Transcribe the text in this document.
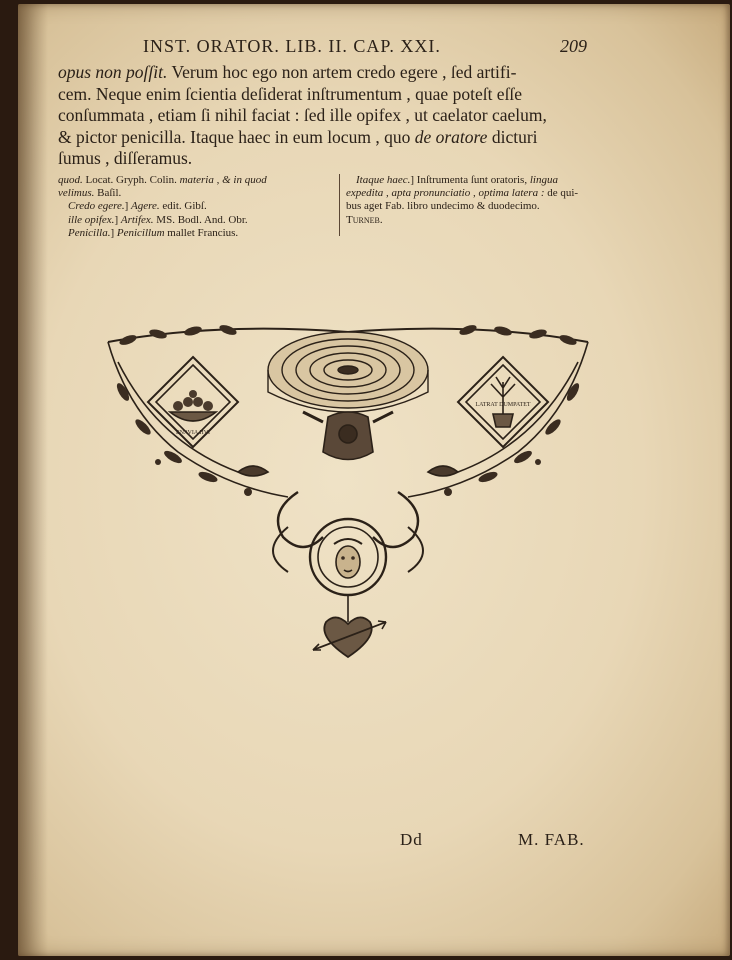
INST. ORATOR. LIB. II. CAP. XXI.	209

opus non poſſit. Verum hoc ego non artem credo egere , ſed artifi-

cem. Neque enim ſcientia deſiderat inſtrumentum , quae poteſt eſſe

conſummata , etiam ſi nihil faciat : ſed ille opifex , ut caelator caelum,

& pictor penicilla. Itaque haec in eum locum , quo de oratore dicturi

ſumus , diſſeramus.

quod. Locat. Gryph. Colin. materia , & in quod
velimus. Baſil.
Credo egere.] Agere. edit. Gibſ.
ille opifex.] Artifex. MS. Bodl. And. Obr.
Penicilla.] Penicillum mallet Francius.
Itaque haec.] Inſtrumenta ſunt oratoris, lingua
expedita , apta pronunciatio , optima latera : de qui-
bus aget Fab. libro undecimo & duodecimo.
Turneb.
ENAVIA HVI
LATRAT DUMPATET
Dd	M. FAB.
